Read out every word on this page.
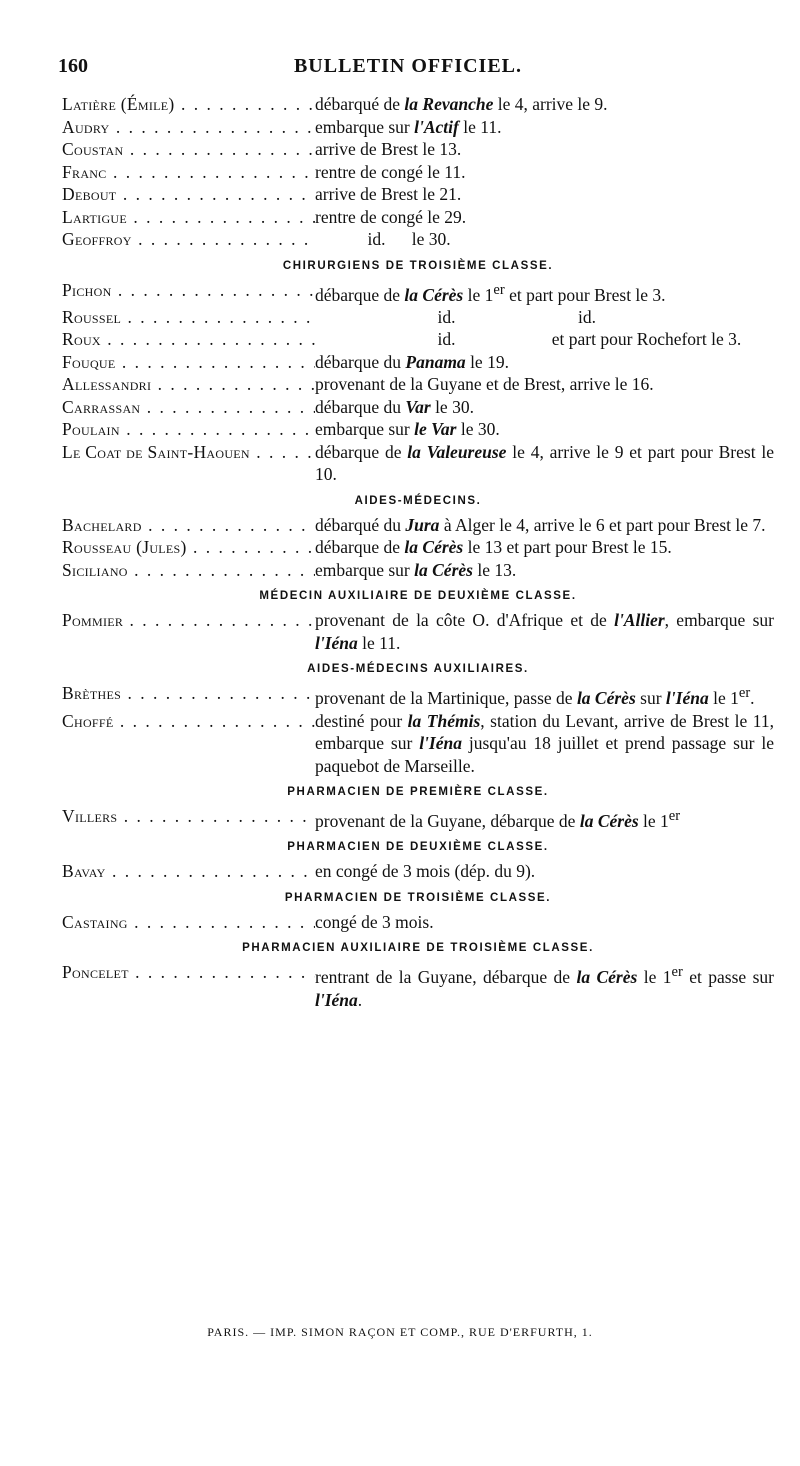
160	BULLETIN OFFICIEL.
Latière (Émile) . . .	débarqué de la Revanche le 4, arrive le 9.
Audry . . .	embarque sur l'Actif le 11.
Coustan . . .	arrive de Brest le 13.
Franc . . .	rentre de congé le 11.
Debout . . .	arrive de Brest le 21.
Lartigue . . .	rentre de congé le 29.
Geoffroy . . .	id.      le 30.
CHIRURGIENS DE TROISIÈME CLASSE.
Pichon . . .	débarque de la Cérès le 1er et part pour Brest le 3.
Roussel . . .	id.                            id.
Roux . . .	id.                      et part pour Rochefort le 3.
Fouque . . .	débarque du Panama le 19.
Allessandri . . .	provenant de la Guyane et de Brest, arrive le 16.
Carrassan . . .	débarque du Var le 30.
Poulain . . .	embarque sur le Var le 30.
Le Coat de Saint-Haouen . . .	débarque de la Valeureuse le 4, arrive le 9 et part pour Brest le 10.
AIDES-MÉDECINS.
Bachelard . . .	débarqué du Jura à Alger le 4, arrive le 6 et part pour Brest le 7.
Rousseau (Jules) . . .	débarque de la Cérès le 13 et part pour Brest le 15.
Siciliano . . .	embarque sur la Cérès le 13.
MÉDECIN AUXILIAIRE DE DEUXIÈME CLASSE.
Pommier . . .	provenant de la côte O. d'Afrique et de l'Allier, embarque sur l'Iéna le 11.
AIDES-MÉDECINS AUXILIAIRES.
Brèthes . . .	provenant de la Martinique, passe de la Cérès sur l'Iéna le 1er.
Choffé . . .	destiné pour la Thémis, station du Levant, arrive de Brest le 11, embarque sur l'Iéna jusqu'au 18 juillet et prend passage sur le paquebot de Marseille.
PHARMACIEN DE PREMIÈRE CLASSE.
Villers . . .	provenant de la Guyane, débarque de la Cérès le 1er
PHARMACIEN DE DEUXIÈME CLASSE.
Bavay . . .	en congé de 3 mois (dép. du 9).
PHARMACIEN DE TROISIÈME CLASSE.
Castaing . . .	congé de 3 mois.
PHARMACIEN AUXILIAIRE DE TROISIÈME CLASSE.
Poncelet . . .	rentrant de la Guyane, débarque de la Cérès le 1er et passe sur l'Iéna.
PARIS. — IMP. SIMON RAÇON ET COMP., RUE D'ERFURTH, 1.
